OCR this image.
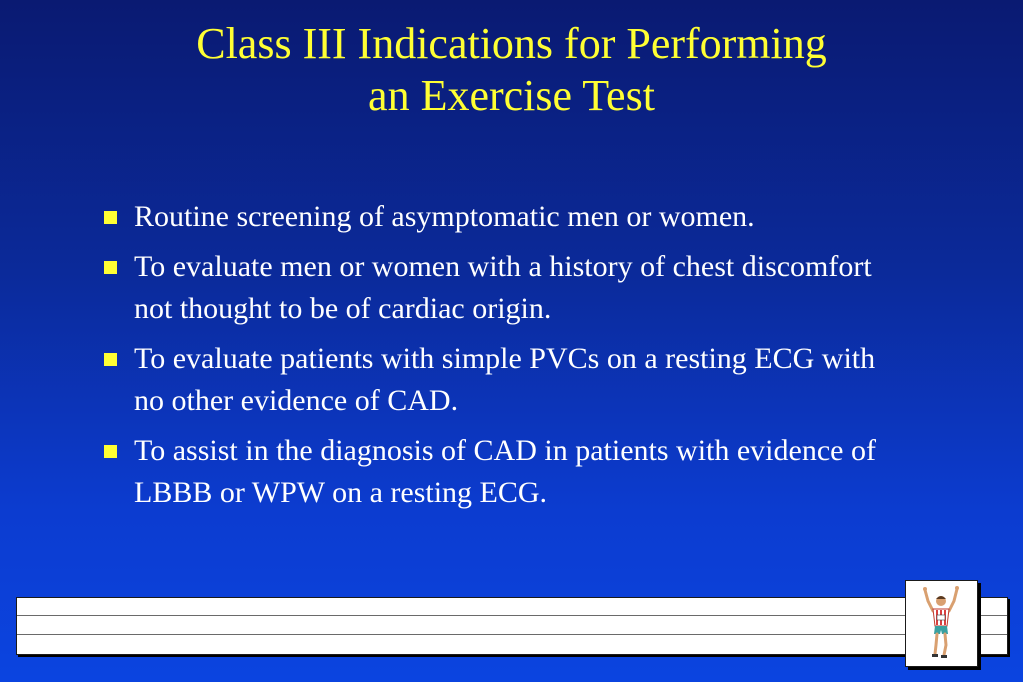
Class III Indications for Performing
an Exercise Test
Routine screening of asymptomatic men or women.
To evaluate men or women with a history of chest discomfort not thought to be of cardiac origin.
To evaluate patients with simple PVCs on a resting ECG with no other evidence of CAD.
To assist in the diagnosis of CAD in patients with evidence of LBBB or WPW on a resting ECG.
